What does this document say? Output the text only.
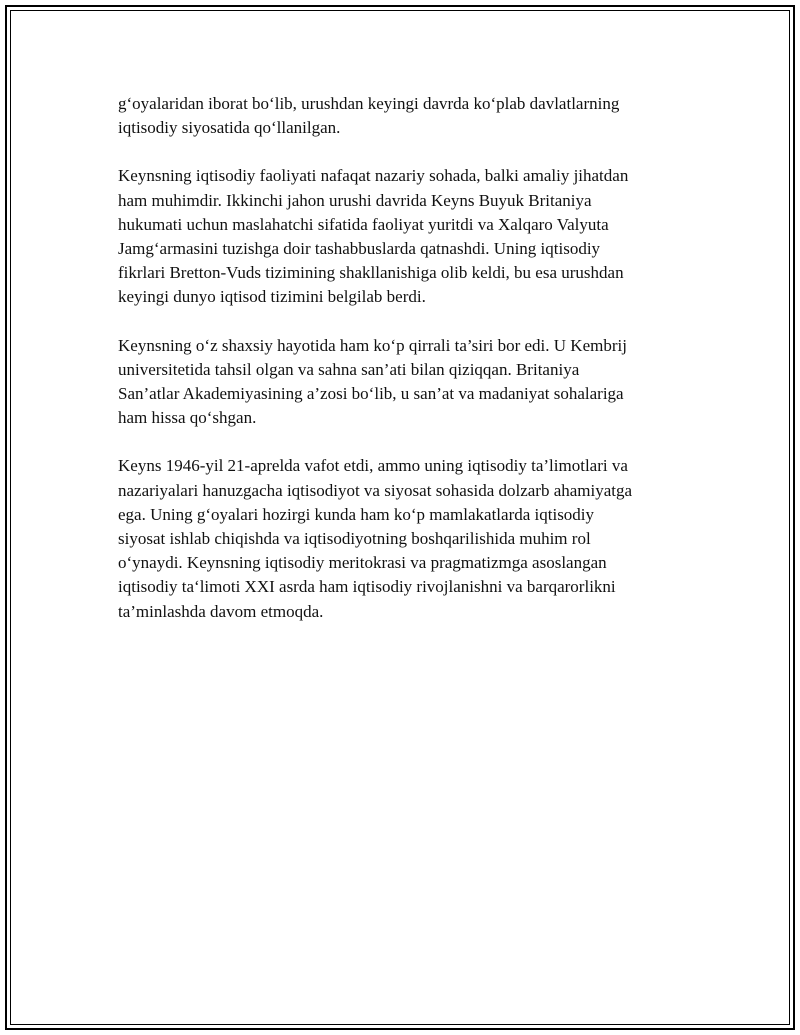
g‘oyalaridan iborat bo‘lib, urushdan keyingi davrda ko‘plab davlatlarning
iqtisodiy siyosatida qo‘llanilgan.

Keynsning iqtisodiy faoliyati nafaqat nazariy sohada, balki amaliy jihatdan
ham muhimdir. Ikkinchi jahon urushi davrida Keyns Buyuk Britaniya
hukumati uchun maslahatchi sifatida faoliyat yuritdi va Xalqaro Valyuta
Jamg‘armasini tuzishga doir tashabbuslarda qatnashdi. Uning iqtisodiy
fikrlari Bretton-Vuds tizimining shakllanishiga olib keldi, bu esa urushdan
keyingi dunyo iqtisod tizimini belgilab berdi.

Keynsning o‘z shaxsiy hayotida ham ko‘p qirrali ta’siri bor edi. U Kembrij
universitetida tahsil olgan va sahna san’ati bilan qiziqqan. Britaniya
San’atlar Akademiyasining a’zosi bo‘lib, u san’at va madaniyat sohalariga
ham hissa qo‘shgan.

Keyns 1946-yil 21-aprelda vafot etdi, ammo uning iqtisodiy ta’limotlari va
nazariyalari hanuzgacha iqtisodiyot va siyosat sohasida dolzarb ahamiyatga
ega. Uning g‘oyalari hozirgi kunda ham ko‘p mamlakatlarda iqtisodiy
siyosat ishlab chiqishda va iqtisodiyotning boshqarilishida muhim rol
o‘ynaydi. Keynsning iqtisodiy meritokrasi va pragmatizmga asoslangan
iqtisodiy ta‘limoti XXI asrda ham iqtisodiy rivojlanishni va barqarorlikni
ta’minlashda davom etmoqda.
